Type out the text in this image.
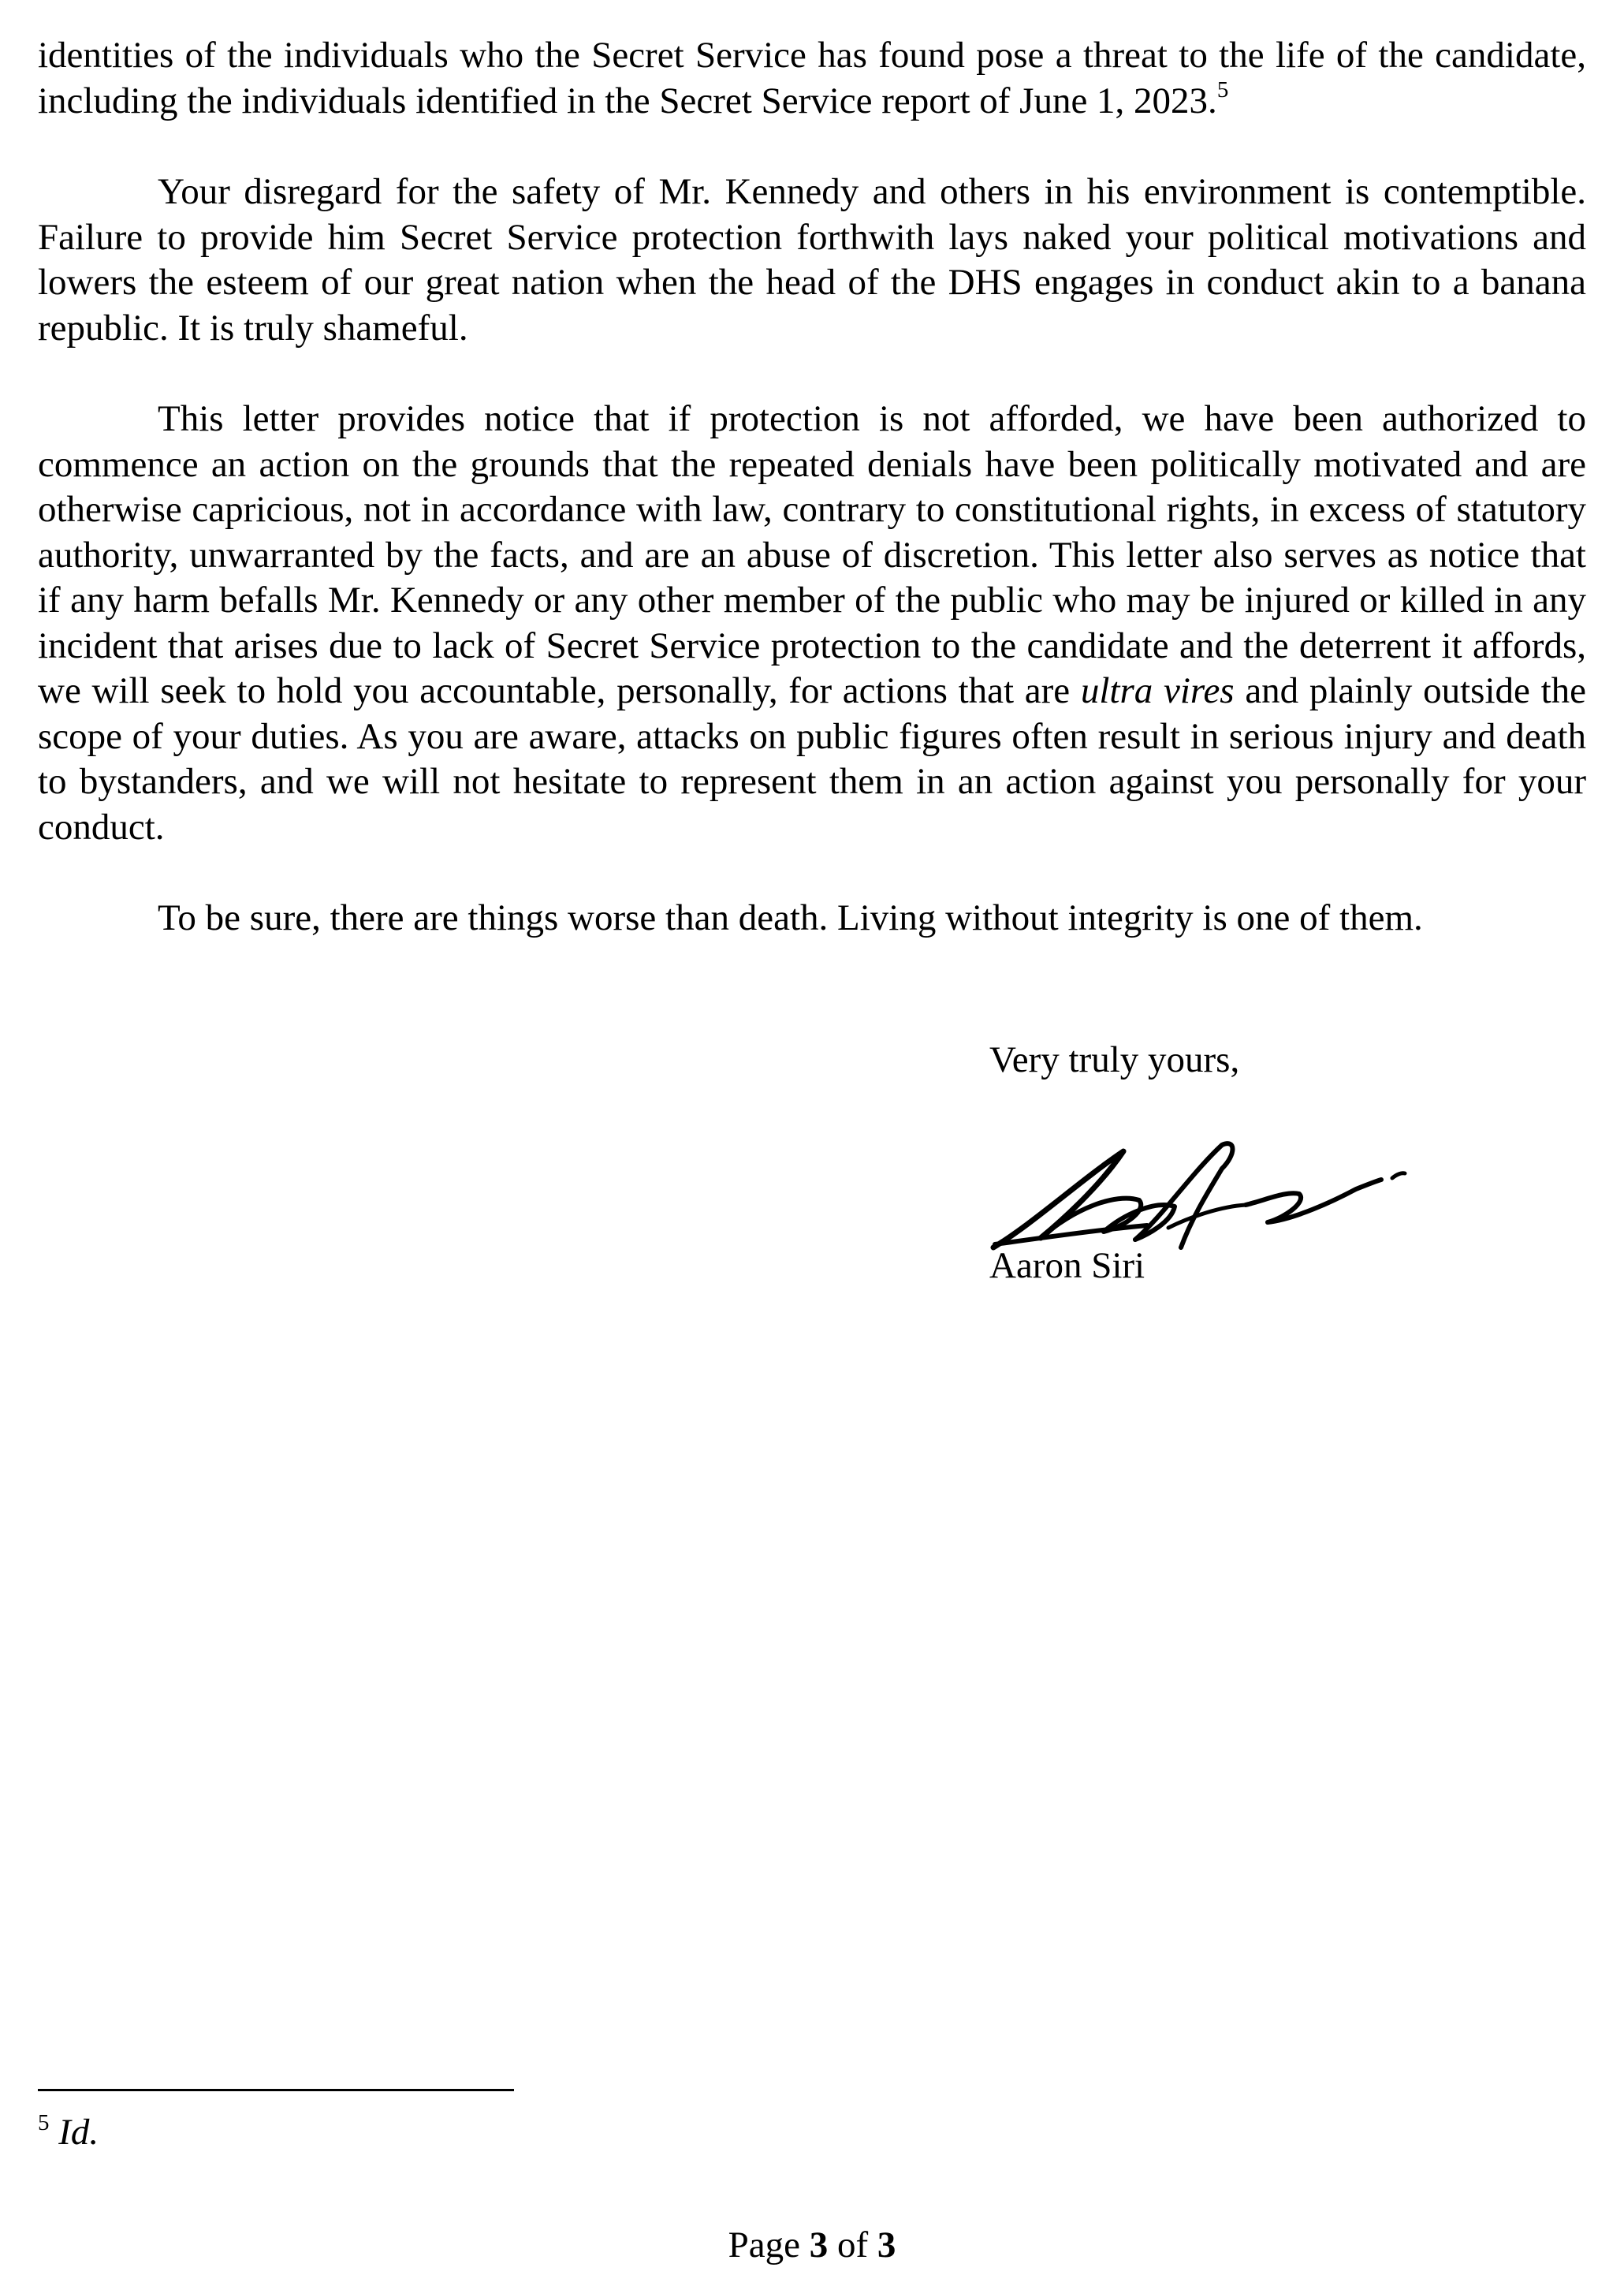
identities of the individuals who the Secret Service has found pose a threat to the life of the candidate, including the individuals identified in the Secret Service report of June 1, 2023.$^5$

Your disregard for the safety of Mr. Kennedy and others in his environment is contemptible. Failure to provide him Secret Service protection forthwith lays naked your political motivations and lowers the esteem of our great nation when the head of the DHS engages in conduct akin to a banana republic. It is truly shameful.

This letter provides notice that if protection is not afforded, we have been authorized to commence an action on the grounds that the repeated denials have been politically motivated and are otherwise capricious, not in accordance with law, contrary to constitutional rights, in excess of statutory authority, unwarranted by the facts, and are an abuse of discretion. This letter also serves as notice that if any harm befalls Mr. Kennedy or any other member of the public who may be injured or killed in any incident that arises due to lack of Secret Service protection to the candidate and the deterrent it affords, we will seek to hold you accountable, personally, for actions that are ultra vires and plainly outside the scope of your duties. As you are aware, attacks on public figures often result in serious injury and death to bystanders, and we will not hesitate to represent them in an action against you personally for your conduct.

To be sure, there are things worse than death. Living without integrity is one of them.

Very truly yours,
Aaron Siri
$^5$ Id.
Page 3 of 3
